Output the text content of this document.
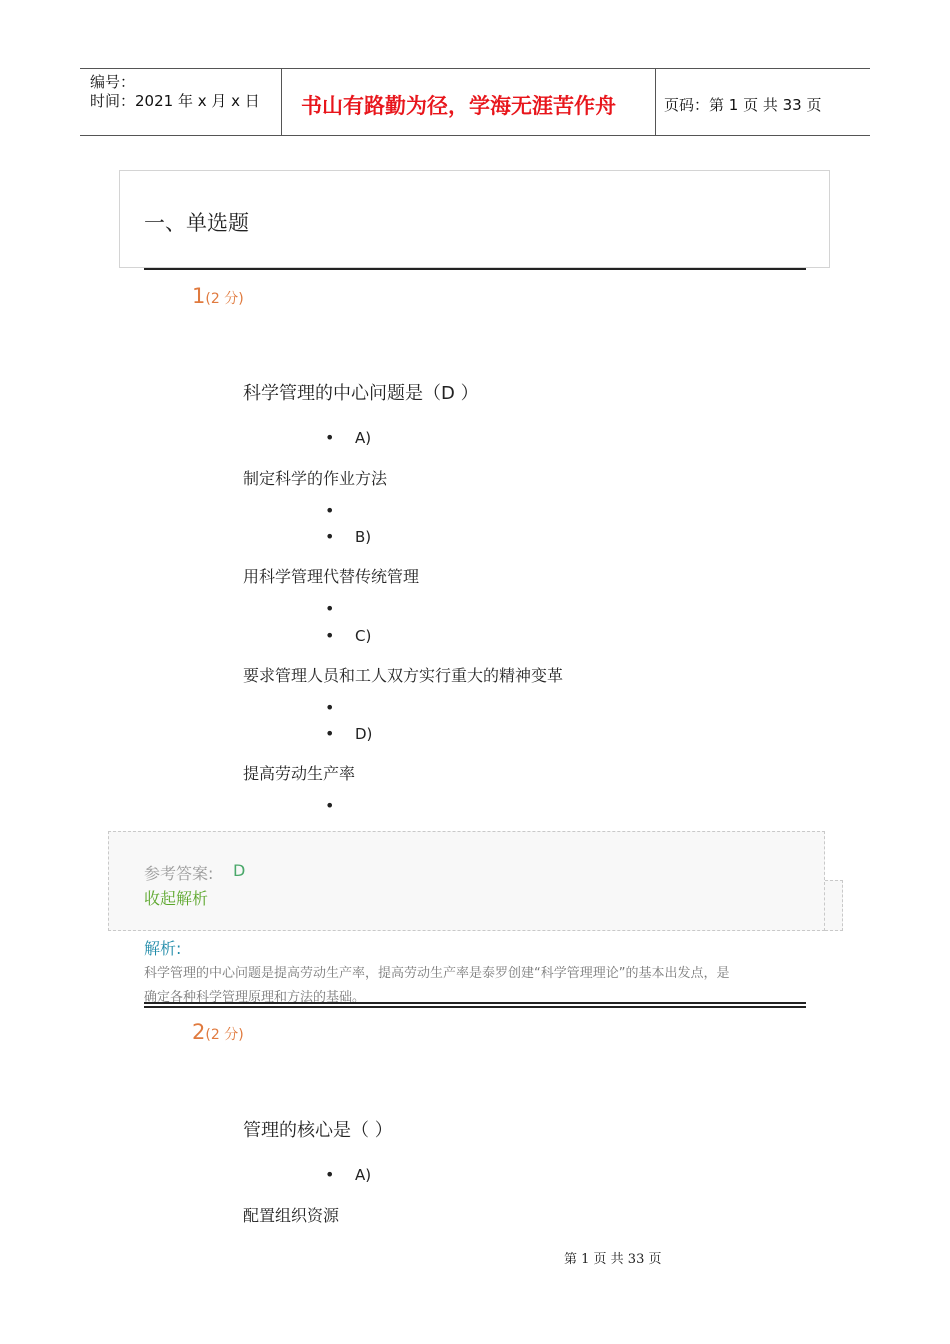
编号：
时间：2021 年 x 月 x 日 书山有路勤为径，学海无涯苦作舟	页码：第 1 页 共 33 页
一、单选题
1(2 分)
科学管理的中心问题是（D ）
• A)
制定科学的作业方法
•
• B)
用科学管理代替传统管理
•
• C)
要求管理人员和工人双方实行重大的精神变革
•
• D)
提高劳动生产率
•
参考答案: D
收起解析
解析:
科学管理的中心问题是提高劳动生产率，提高劳动生产率是泰罗创建“科学管理理论”的基本出发点，是
确定各种科学管理原理和方法的基础。
2(2 分)
管理的核心是（ ）
• A)
配置组织资源
第 1 页 共 33 页
